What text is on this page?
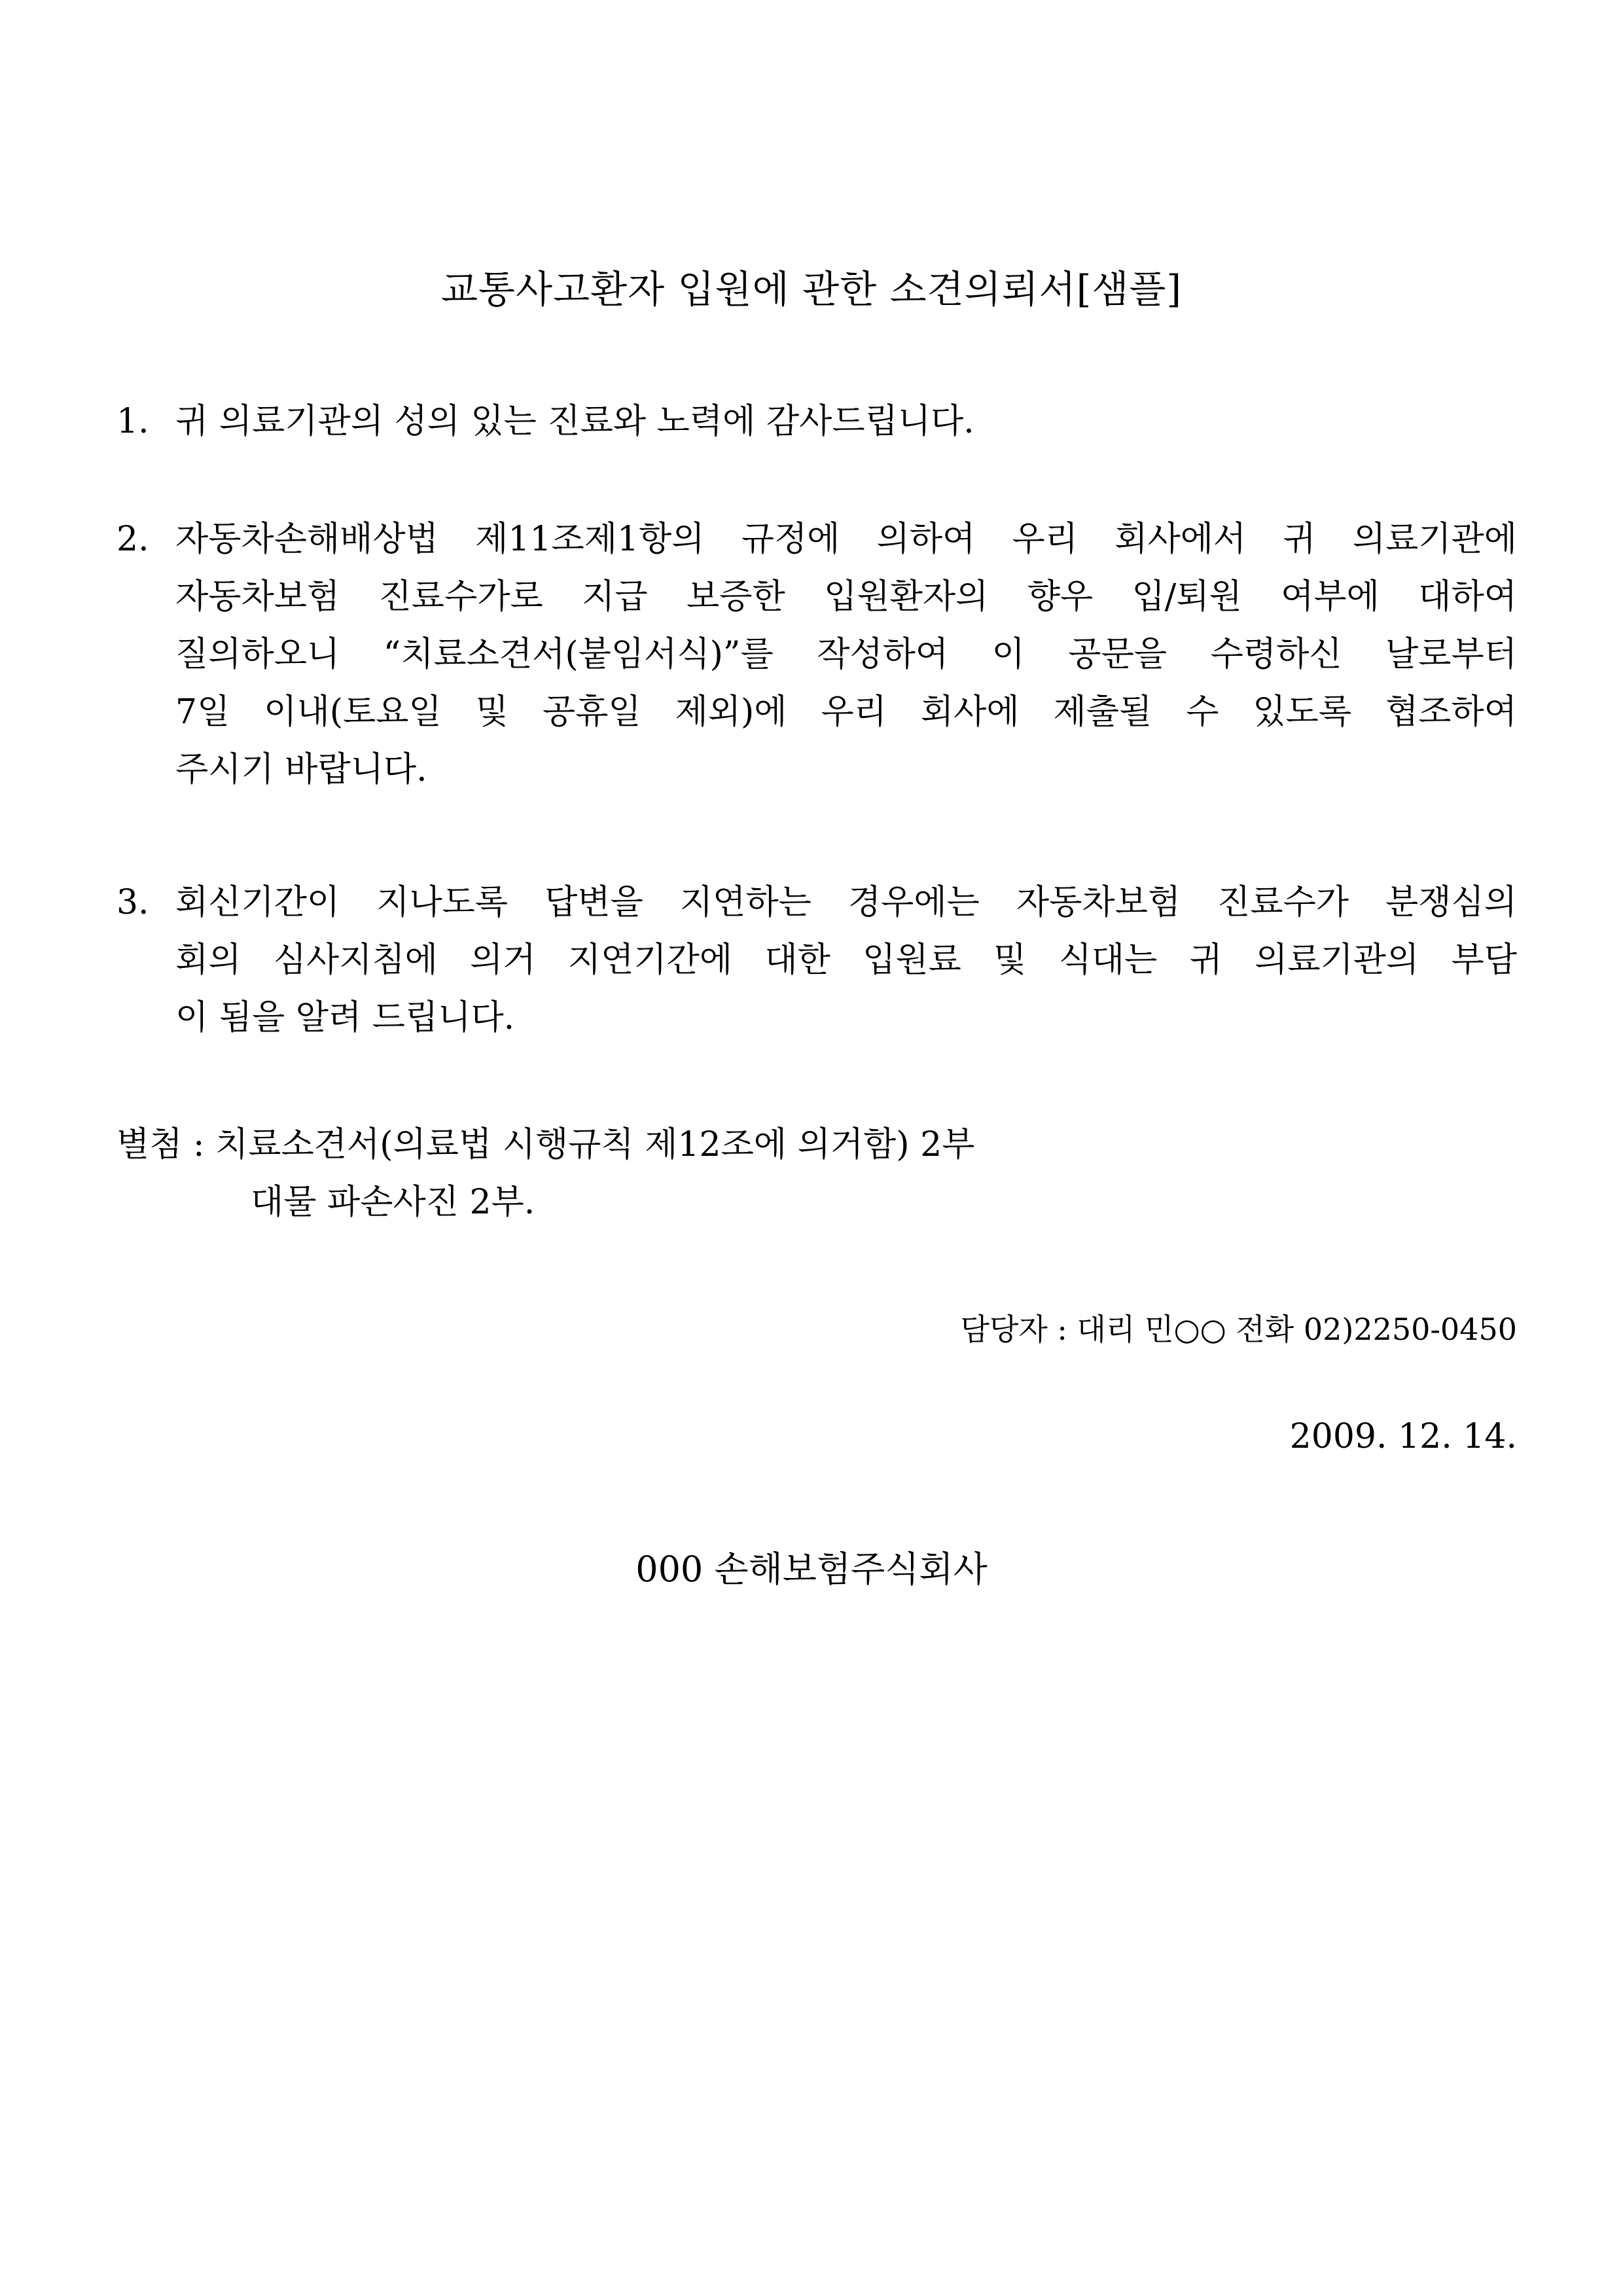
교통사고환자 입원에 관한 소견의뢰서[샘플]
1. 귀 의료기관의 성의 있는 진료와 노력에 감사드립니다.
2. 자동차손해배상법 제11조제1항의 규정에 의하여 우리 회사에서 귀 의료기관에
자동차보험 진료수가로 지급 보증한 입원환자의 향우 입/퇴원 여부에 대하여
질의하오니 “치료소견서(붙임서식)”를 작성하여 이 공문을 수령하신 날로부터
7일 이내(토요일 및 공휴일 제외)에 우리 회사에 제출될 수 있도록 협조하여
주시기 바랍니다.
3. 회신기간이 지나도록 답변을 지연하는 경우에는 자동차보험 진료수가 분쟁심의
회의 심사지침에 의거 지연기간에 대한 입원료 및 식대는 귀 의료기관의 부담
이 됨을 알려 드립니다.
별첨 : 치료소견서(의료법 시행규칙 제12조에 의거함) 2부
대물 파손사진 2부.
담당자 : 대리 민○○ 전화 02)2250-0450
2009. 12. 14.
000 손해보험주식회사
